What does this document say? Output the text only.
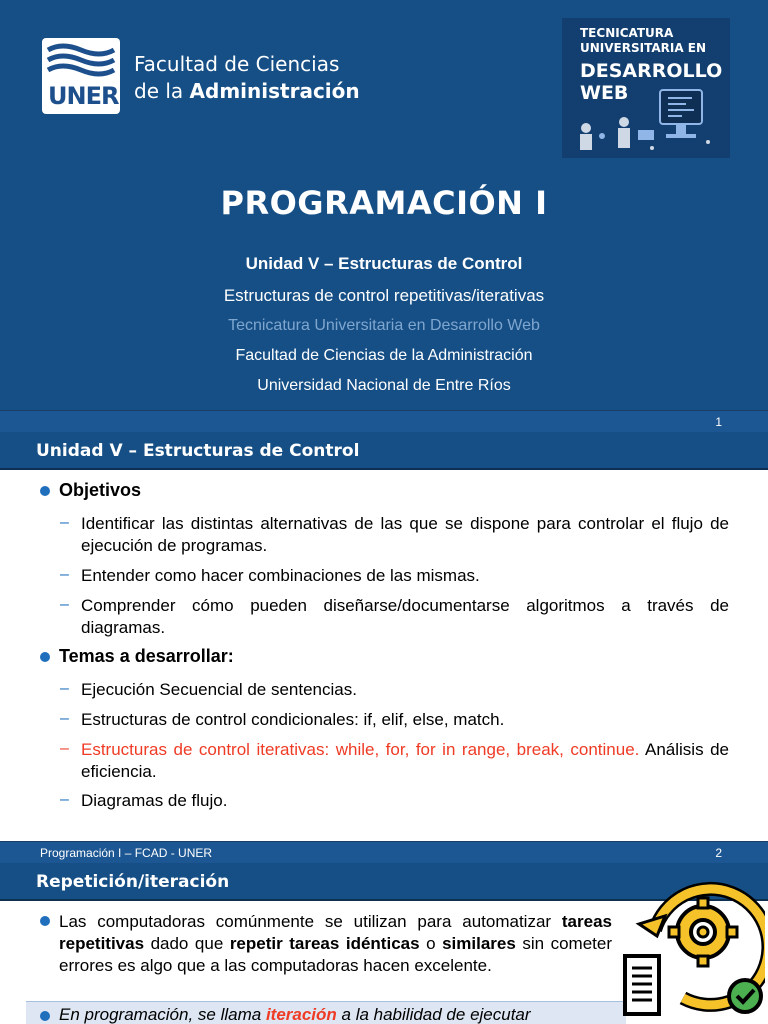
UNER
Facultad de Ciencias
de la Administración
TECNICATURA
UNIVERSITARIA EN
DESARROLLO
WEB
PROGRAMACIÓN I
Unidad V – Estructuras de Control
Estructuras de control repetitivas/iterativas
Tecnicatura Universitaria en Desarrollo Web
Facultad de Ciencias de la Administración
Universidad Nacional de Entre Ríos
1
Unidad V – Estructuras de Control
Objetivos
– Identificar las distintas alternativas de las que se dispone para controlar el flujo de ejecución de programas.
– Entender como hacer combinaciones de las mismas.
– Comprender cómo pueden diseñarse/documentarse algoritmos a través de diagramas.
Temas a desarrollar:
– Ejecución Secuencial de sentencias.
– Estructuras de control condicionales: if, elif, else, match.
– Estructuras de control iterativas: while, for, for in range, break, continue. Análisis de eficiencia.
– Diagramas de flujo.
Programación I – FCAD - UNER	2
Repetición/iteración
Las computadoras comúnmente se utilizan para automatizar tareas repetitivas dado que repetir tareas idénticas o similares sin cometer errores es algo que a las computadoras hacen excelente.
En programación, se llama iteración a la habilidad de ejecutar
